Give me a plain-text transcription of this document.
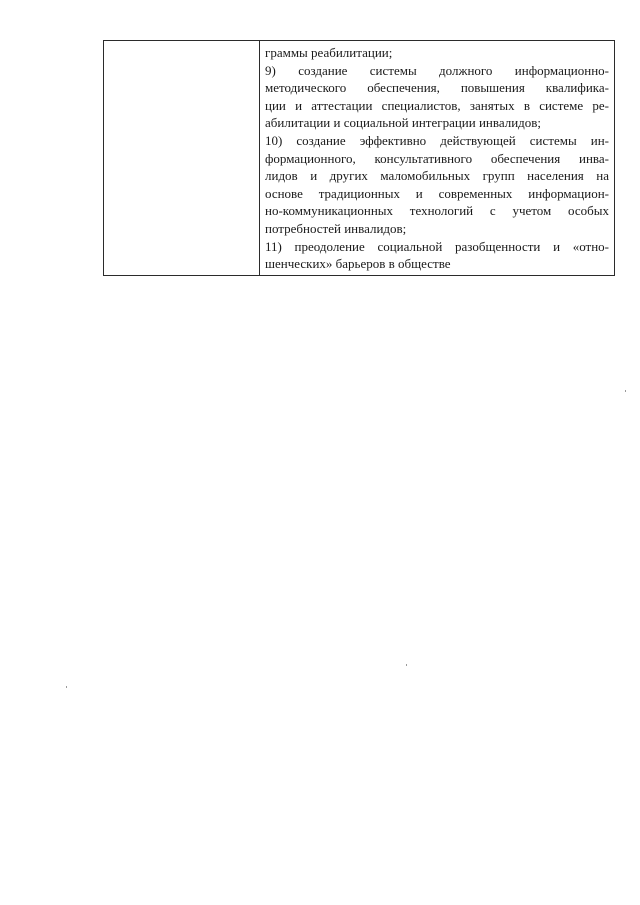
граммы реабилитации;
9) создание системы должного информационно-
методического обеспечения, повышения квалифика-
ции и аттестации специалистов, занятых в системе ре-
абилитации и социальной интеграции инвалидов;
10) создание эффективно действующей системы ин-
формационного, консультативного обеспечения инва-
лидов и других маломобильных групп населения на
основе традиционных и современных информацион-
но-коммуникационных технологий с учетом особых
потребностей инвалидов;
11) преодоление социальной разобщенности и «отно-
шенческих» барьеров в обществе
